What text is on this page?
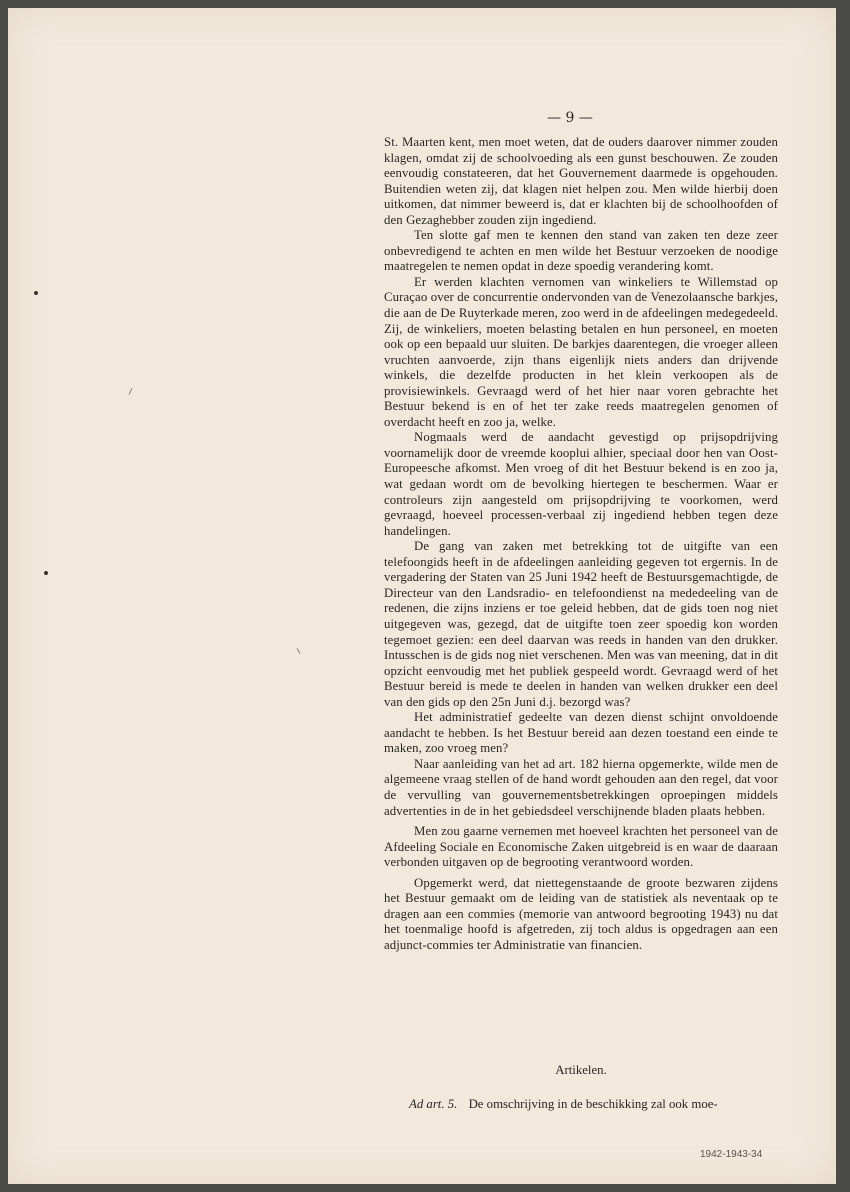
— 9 —

St. Maarten kent, men moet weten, dat de ouders daarover nimmer zouden klagen, omdat zij de schoolvoeding als een gunst beschouwen. Ze zouden eenvoudig constateeren, dat het Gouvernement daarmede is opgehouden. Buitendien weten zij, dat klagen niet helpen zou. Men wilde hierbij doen uitkomen, dat nimmer beweerd is, dat er klachten bij de schoolhoofden of den Gezaghebber zouden zijn ingediend.

Ten slotte gaf men te kennen den stand van zaken ten deze zeer onbevredigend te achten en men wilde het Bestuur verzoeken de noodige maatregelen te nemen opdat in deze spoedig verandering komt.

Er werden klachten vernomen van winkeliers te Willemstad op Curaçao over de concurrentie ondervonden van de Venezolaansche barkjes, die aan de De Ruyterkade meren, zoo werd in de afdeelingen medegedeeld. Zij, de winkeliers, moeten belasting betalen en hun personeel, en moeten ook op een bepaald uur sluiten. De barkjes daarentegen, die vroeger alleen vruchten aanvoerde, zijn thans eigenlijk niets anders dan drijvende winkels, die dezelfde producten in het klein verkoopen als de provisiewinkels. Gevraagd werd of het hier naar voren gebrachte het Bestuur bekend is en of het ter zake reeds maatregelen genomen of overdacht heeft en zoo ja, welke.

Nogmaals werd de aandacht gevestigd op prijsopdrijving voornamelijk door de vreemde kooplui alhier, speciaal door hen van Oost-Europeesche afkomst. Men vroeg of dit het Bestuur bekend is en zoo ja, wat gedaan wordt om de bevolking hiertegen te beschermen. Waar er controleurs zijn aangesteld om prijsopdrijving te voorkomen, werd gevraagd, hoeveel processen-verbaal zij ingediend hebben tegen deze handelingen.

De gang van zaken met betrekking tot de uitgifte van een telefoongids heeft in de afdeelingen aanleiding gegeven tot ergernis. In de vergadering der Staten van 25 Juni 1942 heeft de Bestuursgemachtigde, de Directeur van den Landsradio- en telefoondienst na mededeeling van de redenen, die zijns inziens er toe geleid hebben, dat de gids toen nog niet uitgegeven was, gezegd, dat de uitgifte toen zeer spoedig kon worden tegemoet gezien: een deel daarvan was reeds in handen van den drukker. Intusschen is de gids nog niet verschenen. Men was van meening, dat in dit opzicht eenvoudig met het publiek gespeeld wordt. Gevraagd werd of het Bestuur bereid is mede te deelen in handen van welken drukker een deel van den gids op den 25n Juni d.j. bezorgd was?

Het administratief gedeelte van dezen dienst schijnt onvoldoende aandacht te hebben. Is het Bestuur bereid aan dezen toestand een einde te maken, zoo vroeg men?

Naar aanleiding van het ad art. 182 hierna opgemerkte, wilde men de algemeene vraag stellen of de hand wordt gehouden aan den regel, dat voor de vervulling van gouvernementsbetrekkingen oproepingen middels advertenties in de in het gebiedsdeel verschijnende bladen plaats hebben.

Men zou gaarne vernemen met hoeveel krachten het personeel van de Afdeeling Sociale en Economische Zaken uitgebreid is en waar de daaraan verbonden uitgaven op de begrooting verantwoord worden.

Opgemerkt werd, dat niettegenstaande de groote bezwaren zijdens het Bestuur gemaakt om de leiding van de statistiek als neventaak op te dragen aan een commies (memorie van antwoord begrooting 1943) nu dat het toenmalige hoofd is afgetreden, zij toch aldus is opgedragen aan een adjunct-commies ter Administratie van financien.

Artikelen.
Ad art. 5. De omschrijving in de beschikking zal ook moe-
1942-1943-34
